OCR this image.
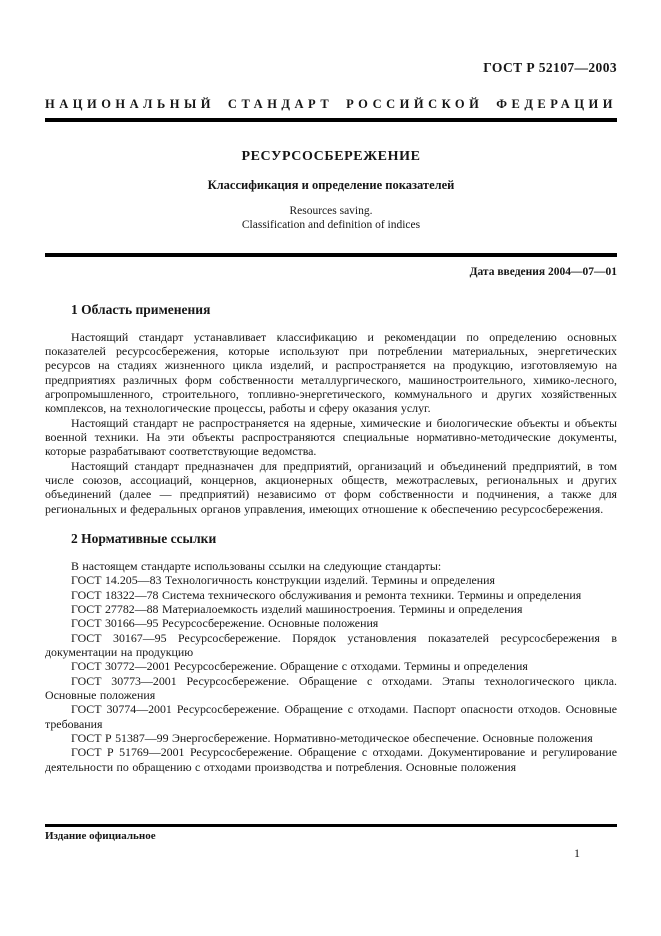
ГОСТ Р 52107—2003
НАЦИОНАЛЬНЫЙ СТАНДАРТ РОССИЙСКОЙ ФЕДЕРАЦИИ
РЕСУРСОСБЕРЕЖЕНИЕ
Классификация и определение показателей
Resources saving.
Classification and definition of indices
Дата введения 2004—07—01
1 Область применения

Настоящий стандарт устанавливает классификацию и рекомендации по определению основных показателей ресурсосбережения, которые используют при потреблении материальных, энергетических ресурсов на стадиях жизненного цикла изделий, и распространяется на продукцию, изготовляемую на предприятиях различных форм собственности металлургического, машиностроительного, химико-лесного, агропромышленного, строительного, топливно-энергетического, коммунального и других хозяйственных комплексов, на технологические процессы, работы и сферу оказания услуг.

Настоящий стандарт не распространяется на ядерные, химические и биологические объекты и объекты военной техники. На эти объекты распространяются специальные нормативно-методические документы, которые разрабатывают соответствующие ведомства.

Настоящий стандарт предназначен для предприятий, организаций и объединений предприятий, в том числе союзов, ассоциаций, концернов, акционерных обществ, межотраслевых, региональных и других объединений (далее — предприятий) независимо от форм собственности и подчинения, а также для региональных и федеральных органов управления, имеющих отношение к обеспечению ресурсосбережения.

2 Нормативные ссылки

В настоящем стандарте использованы ссылки на следующие стандарты:

ГОСТ 14.205—83 Технологичность конструкции изделий. Термины и определения

ГОСТ 18322—78 Система технического обслуживания и ремонта техники. Термины и определения

ГОСТ 27782—88 Материалоемкость изделий машиностроения. Термины и определения

ГОСТ 30166—95 Ресурсосбережение. Основные положения

ГОСТ 30167—95 Ресурсосбережение. Порядок установления показателей ресурсосбережения в документации на продукцию

ГОСТ 30772—2001 Ресурсосбережение. Обращение с отходами. Термины и определения

ГОСТ 30773—2001 Ресурсосбережение. Обращение с отходами. Этапы технологического цикла. Основные положения

ГОСТ 30774—2001 Ресурсосбережение. Обращение с отходами. Паспорт опасности отходов. Основные требования

ГОСТ Р 51387—99 Энергосбережение. Нормативно-методическое обеспечение. Основные положения

ГОСТ Р 51769—2001 Ресурсосбережение. Обращение с отходами. Документирование и регулирование деятельности по обращению с отходами производства и потребления. Основные положения

Издание официальное
1
